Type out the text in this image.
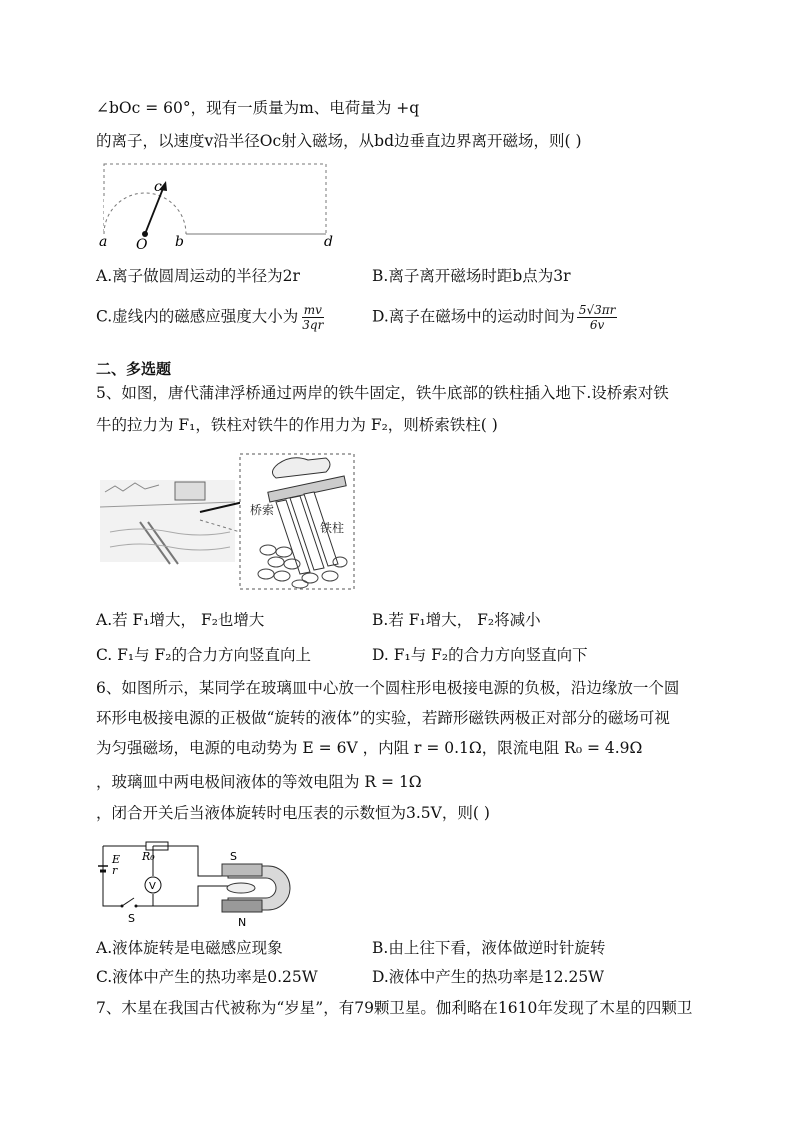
∠bOc = 60°，现有一质量为m、电荷量为 +q
的离子，以速度v沿半径Oc射入磁场，从bd边垂直边界离开磁场，则( )
a O b
c
d
A.离子做圆周运动的半径为2r	B.离子离开磁场时距b点为3r
C.虚线内的磁感应强度大小为 $\frac{mv}{3qr}$	D.离子在磁场中的运动时间为 $\frac{5√3\pi r}{6v}$
二、多选题
5、如图，唐代蒲津浮桥通过两岸的铁牛固定，铁牛底部的铁柱插入地下.设桥索对铁
牛的拉力为 F₁，铁柱对铁牛的作用力为 F₂，则桥索铁柱( )
桥索
铁柱
A.若 F₁增大， F₂也增大	B.若 F₁增大， F₂将减小
C. F₁与 F₂的合力方向竖直向上	D. F₁与 F₂的合力方向竖直向下
6、如图所示，某同学在玻璃皿中心放一个圆柱形电极接电源的负极，沿边缘放一个圆
环形电极接电源的正极做“旋转的液体”的实验，若蹄形磁铁两极正对部分的磁场可视
为匀强磁场，电源的电动势为 E = 6V ，内阻 r = 0.1Ω，限流电阻 R₀ = 4.9Ω
，玻璃皿中两电极间液体的等效电阻为 R = 1Ω
，闭合开关后当液体旋转时电压表的示数恒为3.5V，则( )
V
E
r
R₀
S
S
N
A.液体旋转是电磁感应现象	B.由上往下看，液体做逆时针旋转
C.液体中产生的热功率是0.25W	D.液体中产生的热功率是12.25W
7、木星在我国古代被称为“岁星”，有79颗卫星。伽利略在1610年发现了木星的四颗卫
